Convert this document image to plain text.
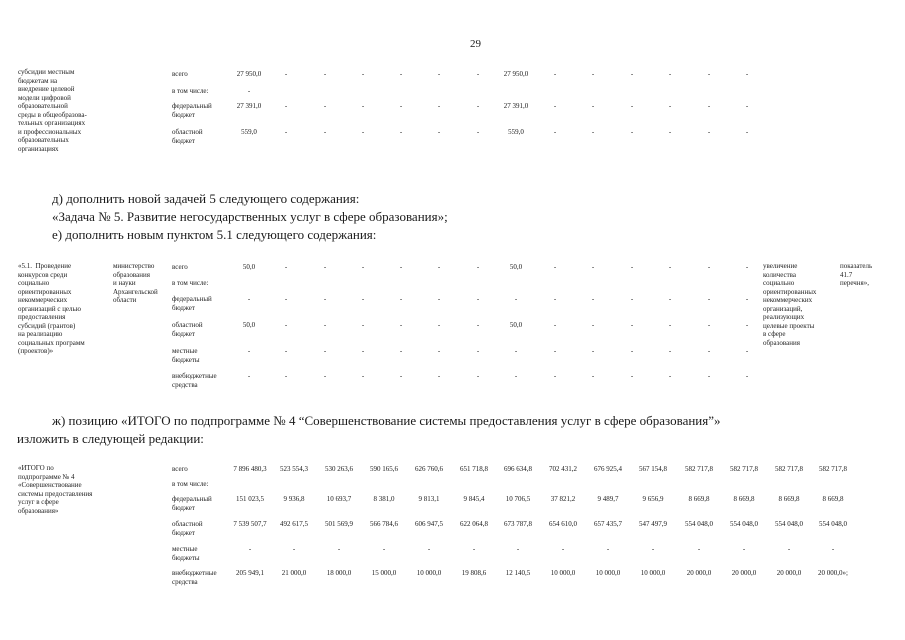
29
субсидии местным
бюджетам на
внедрение целевой
модели цифровой
образовательной
среды в общеобразова-
тельных организациях
и профессиональных
образовательных
организациях
всего	27 950,0	-	-	-	-	-	-	27 950,0	-	-	-	-	-	-
в том числе:	-
федеральный
бюджет
27 391,0	-	-	-	-	-	-	27 391,0	-	-	-	-	-	-
областной
бюджет
559,0	-	-	-	-	-	-	559,0	-	-	-	-	-	-
д) дополнить новой задачей 5 следующего содержания:
«Задача № 5. Развитие негосударственных услуг в сфере образования»;
е) дополнить новым пунктом 5.1 следующего содержания:
«5.1.  Проведение
конкурсов среди
социально
ориентированных
некоммерческих
организаций с целью
предоставления
субсидий (грантов)
на реализацию
социальных программ
(проектов)»
министерство
образования
и науки
Архангельской
области
увеличение
количества
социально
ориентированных
некоммерческих
организаций,
реализующих
целевые проекты
в сфере
образования
показатель
41.7
перечня»,
всего	50,0	-	-	-	-	-	-	50,0	-	-	-	-	-	-
в том числе:
федеральный
бюджет
-	-	-	-	-	-	-	-	-	-	-	-	-	-
областной
бюджет
50,0	-	-	-	-	-	-	50,0	-	-	-	-	-	-
местные
бюджеты
-	-	-	-	-	-	-	-	-	-	-	-	-	-
внебюджетные
средства
-	-	-	-	-	-	-	-	-	-	-	-	-	-
ж) позицию «ИТОГО по подпрограмме № 4 “Совершенствование системы предоставления услуг в сфере образования”»
изложить в следующей редакции:
«ИТОГО по
подпрограмме № 4
«Совершенствование
системы предоставления
услуг в сфере
образования»
всего	7 896 480,3	523 554,3	530 263,6	590 165,6	626 760,6	651 718,8	696 634,8	702 431,2	676 925,4	567 154,8	582 717,8	582 717,8	582 717,8	582 717,8
в том числе:
федеральный
бюджет
151 023,5	9 936,8	10 693,7	8 381,0	9 813,1	9 845,4	10 706,5	37 821,2	9 489,7	9 656,9	8 669,8	8 669,8	8 669,8	8 669,8
областной
бюджет
7 539 507,7	492 617,5	501 569,9	566 784,6	606 947,5	622 064,8	673 787,8	654 610,0	657 435,7	547 497,9	554 048,0	554 048,0	554 048,0	554 048,0
местные
бюджеты
-	-	-	-	-	-	-	-	-	-	-	-	-	-
внебюджетные
средства
205 949,1	21 000,0	18 000,0	15 000,0	10 000,0	19 808,6	12 140,5	10 000,0	10 000,0	10 000,0	20 000,0	20 000,0	20 000,0	20 000,0»;
